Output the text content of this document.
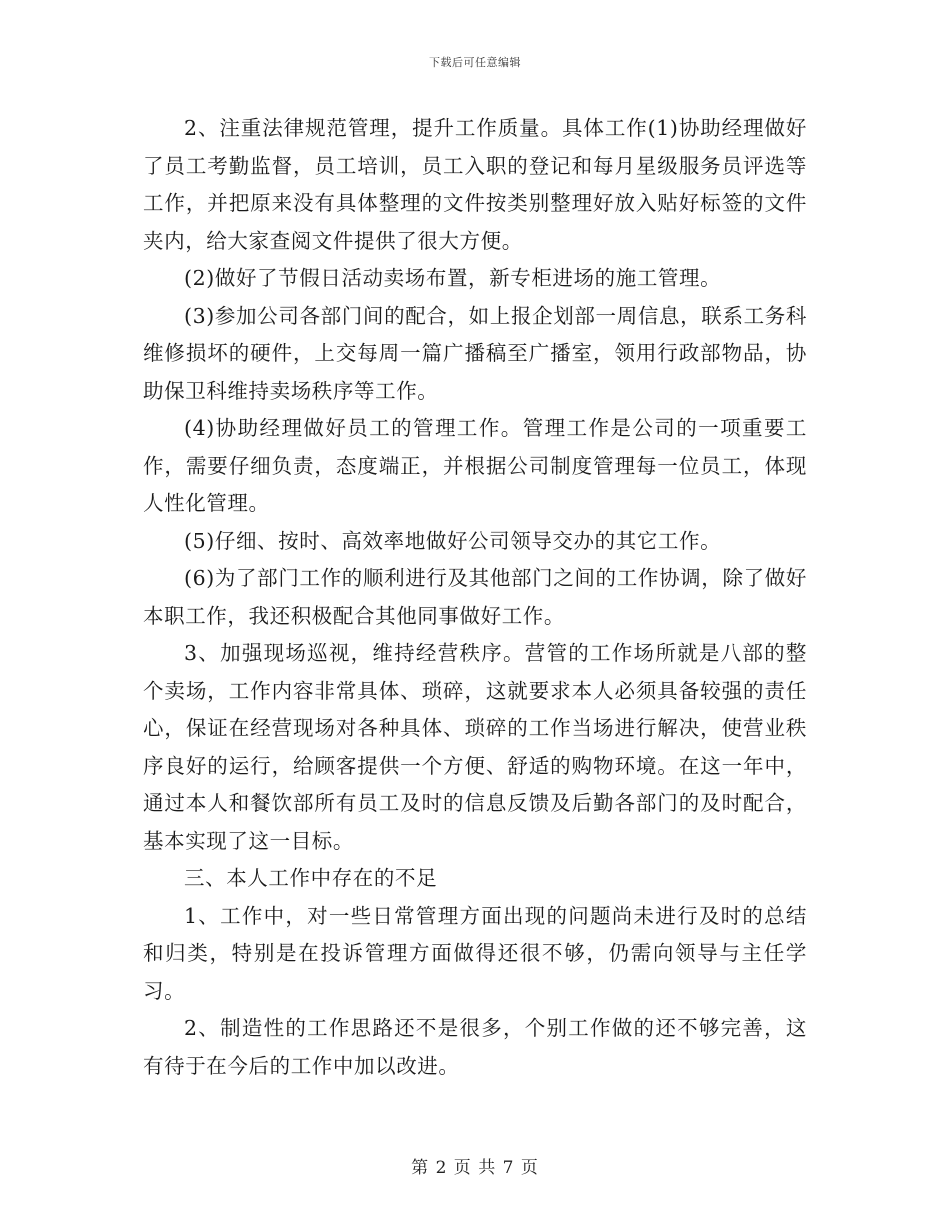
下载后可任意编辑

2、注重法律规范管理，提升工作质量。具体工作(1)协助经理做好了员工考勤监督，员工培训，员工入职的登记和每月星级服务员评选等工作，并把原来没有具体整理的文件按类别整理好放入贴好标签的文件夹内，给大家查阅文件提供了很大方便。

(2)做好了节假日活动卖场布置，新专柜进场的施工管理。

(3)参加公司各部门间的配合，如上报企划部一周信息，联系工务科维修损坏的硬件，上交每周一篇广播稿至广播室，领用行政部物品，协助保卫科维持卖场秩序等工作。

(4)协助经理做好员工的管理工作。管理工作是公司的一项重要工作，需要仔细负责，态度端正，并根据公司制度管理每一位员工，体现人性化管理。

(5)仔细、按时、高效率地做好公司领导交办的其它工作。

(6)为了部门工作的顺利进行及其他部门之间的工作协调，除了做好本职工作，我还积极配合其他同事做好工作。

3、加强现场巡视，维持经营秩序。营管的工作场所就是八部的整个卖场，工作内容非常具体、琐碎，这就要求本人必须具备较强的责任心，保证在经营现场对各种具体、琐碎的工作当场进行解决，使营业秩序良好的运行，给顾客提供一个方便、舒适的购物环境。在这一年中，通过本人和餐饮部所有员工及时的信息反馈及后勤各部门的及时配合，基本实现了这一目标。

三、本人工作中存在的不足

1、工作中，对一些日常管理方面出现的问题尚未进行及时的总结和归类，特别是在投诉管理方面做得还很不够，仍需向领导与主任学习。

2、制造性的工作思路还不是很多，个别工作做的还不够完善，这有待于在今后的工作中加以改进。

第 2 页 共 7 页
